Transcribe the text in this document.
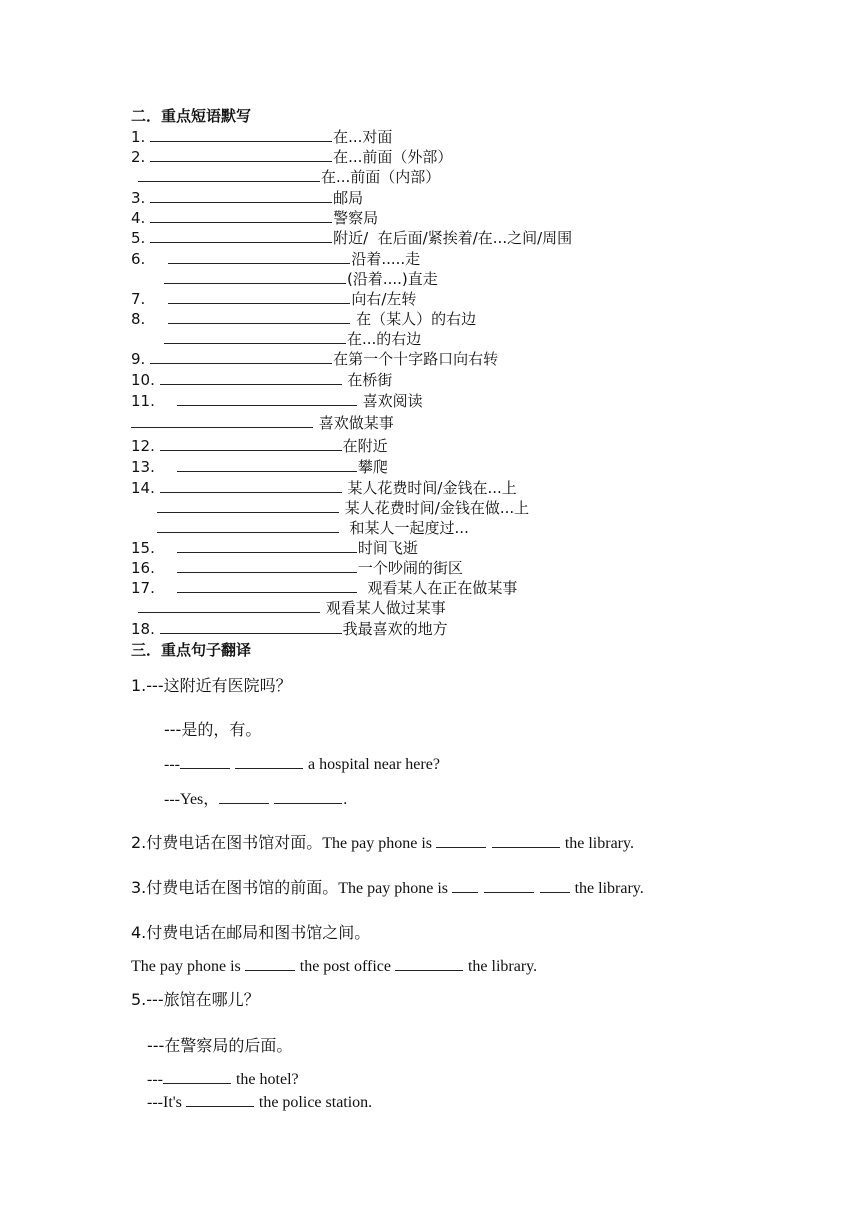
二．重点短语默写
1.	在...对面
2.	在...前面（外部）
在...前面（内部）
3.	邮局
4.	警察局
5.	附近/  在后面/紧挨着/在...之间/周围
6.	沿着.....走
(沿着....)直走
7.	向右/左转
8.	在（某人）的右边
在...的右边
9.	在第一个十字路口向右转
10.	在桥街
11.	喜欢阅读
喜欢做某事
12.	在附近
13.	攀爬
14.	某人花费时间/金钱在...上
某人花费时间/金钱在做...上
和某人一起度过...
15.	时间飞逝
16.	一个吵闹的街区
17.	观看某人在正在做某事
观看某人做过某事
18.	我最喜欢的地方
三．重点句子翻译
1.---这附近有医院吗？
---是的，有。
---	a hospital near here?
---Yes，	.
2.付费电话在图书馆对面。The pay phone is	the library.
3.付费电话在图书馆的前面。The pay phone is	the library.
4.付费电话在邮局和图书馆之间。
The pay phone is	the post office	the library.
5.---旅馆在哪儿？
---在警察局的后面。
---	the hotel?
---It's	the police station.
